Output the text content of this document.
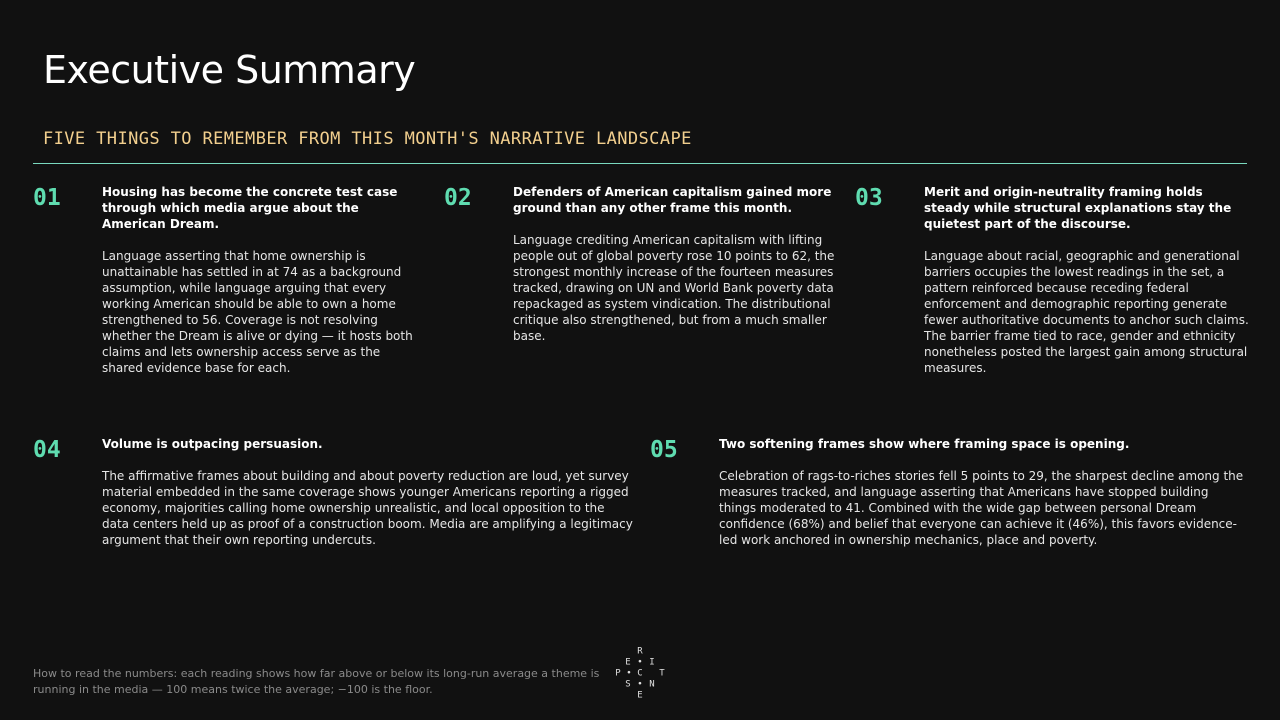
Executive Summary
FIVE THINGS TO REMEMBER FROM THIS MONTH'S NARRATIVE LANDSCAPE
01	Housing has become the concrete test case through which media argue about the American Dream.

Language asserting that home ownership is unattainable has settled in at 74 as a background assumption, while language arguing that every working American should be able to own a home strengthened to 56. Coverage is not resolving whether the Dream is alive or dying — it hosts both claims and lets ownership access serve as the shared evidence base for each.

02	Defenders of American capitalism gained more ground than any other frame this month.

Language crediting American capitalism with lifting people out of global poverty rose 10 points to 62, the strongest monthly increase of the fourteen measures tracked, drawing on UN and World Bank poverty data repackaged as system vindication. The distributional critique also strengthened, but from a much smaller base.

03	Merit and origin-neutrality framing holds steady while structural explanations stay the quietest part of the discourse.

Language about racial, geographic and generational barriers occupies the lowest readings in the set, a pattern reinforced because receding federal enforcement and demographic reporting generate fewer authoritative documents to anchor such claims. The barrier frame tied to race, gender and ethnicity nonetheless posted the largest gain among structural measures.

04	Volume is outpacing persuasion.

The affirmative frames about building and about poverty reduction are loud, yet survey material embedded in the same coverage shows younger Americans reporting a rigged economy, majorities calling home ownership unrealistic, and local opposition to the data centers held up as proof of a construction boom. Media are amplifying a legitimacy argument that their own reporting undercuts.

05	Two softening frames show where framing space is opening.

Celebration of rags-to-riches stories fell 5 points to 29, the sharpest decline among the measures tracked, and language asserting that Americans have stopped building things moderated to 41. Combined with the wide gap between personal Dream confidence (68%) and belief that everyone can achieve it (46%), this favors evidence-led work anchored in ownership mechanics, place and poverty.

How to read the numbers: each reading shows how far above or below its long-run average a theme is running in the media — 100 means twice the average; −100 is the floor.
R
E • I
P • C T
S • N
E
